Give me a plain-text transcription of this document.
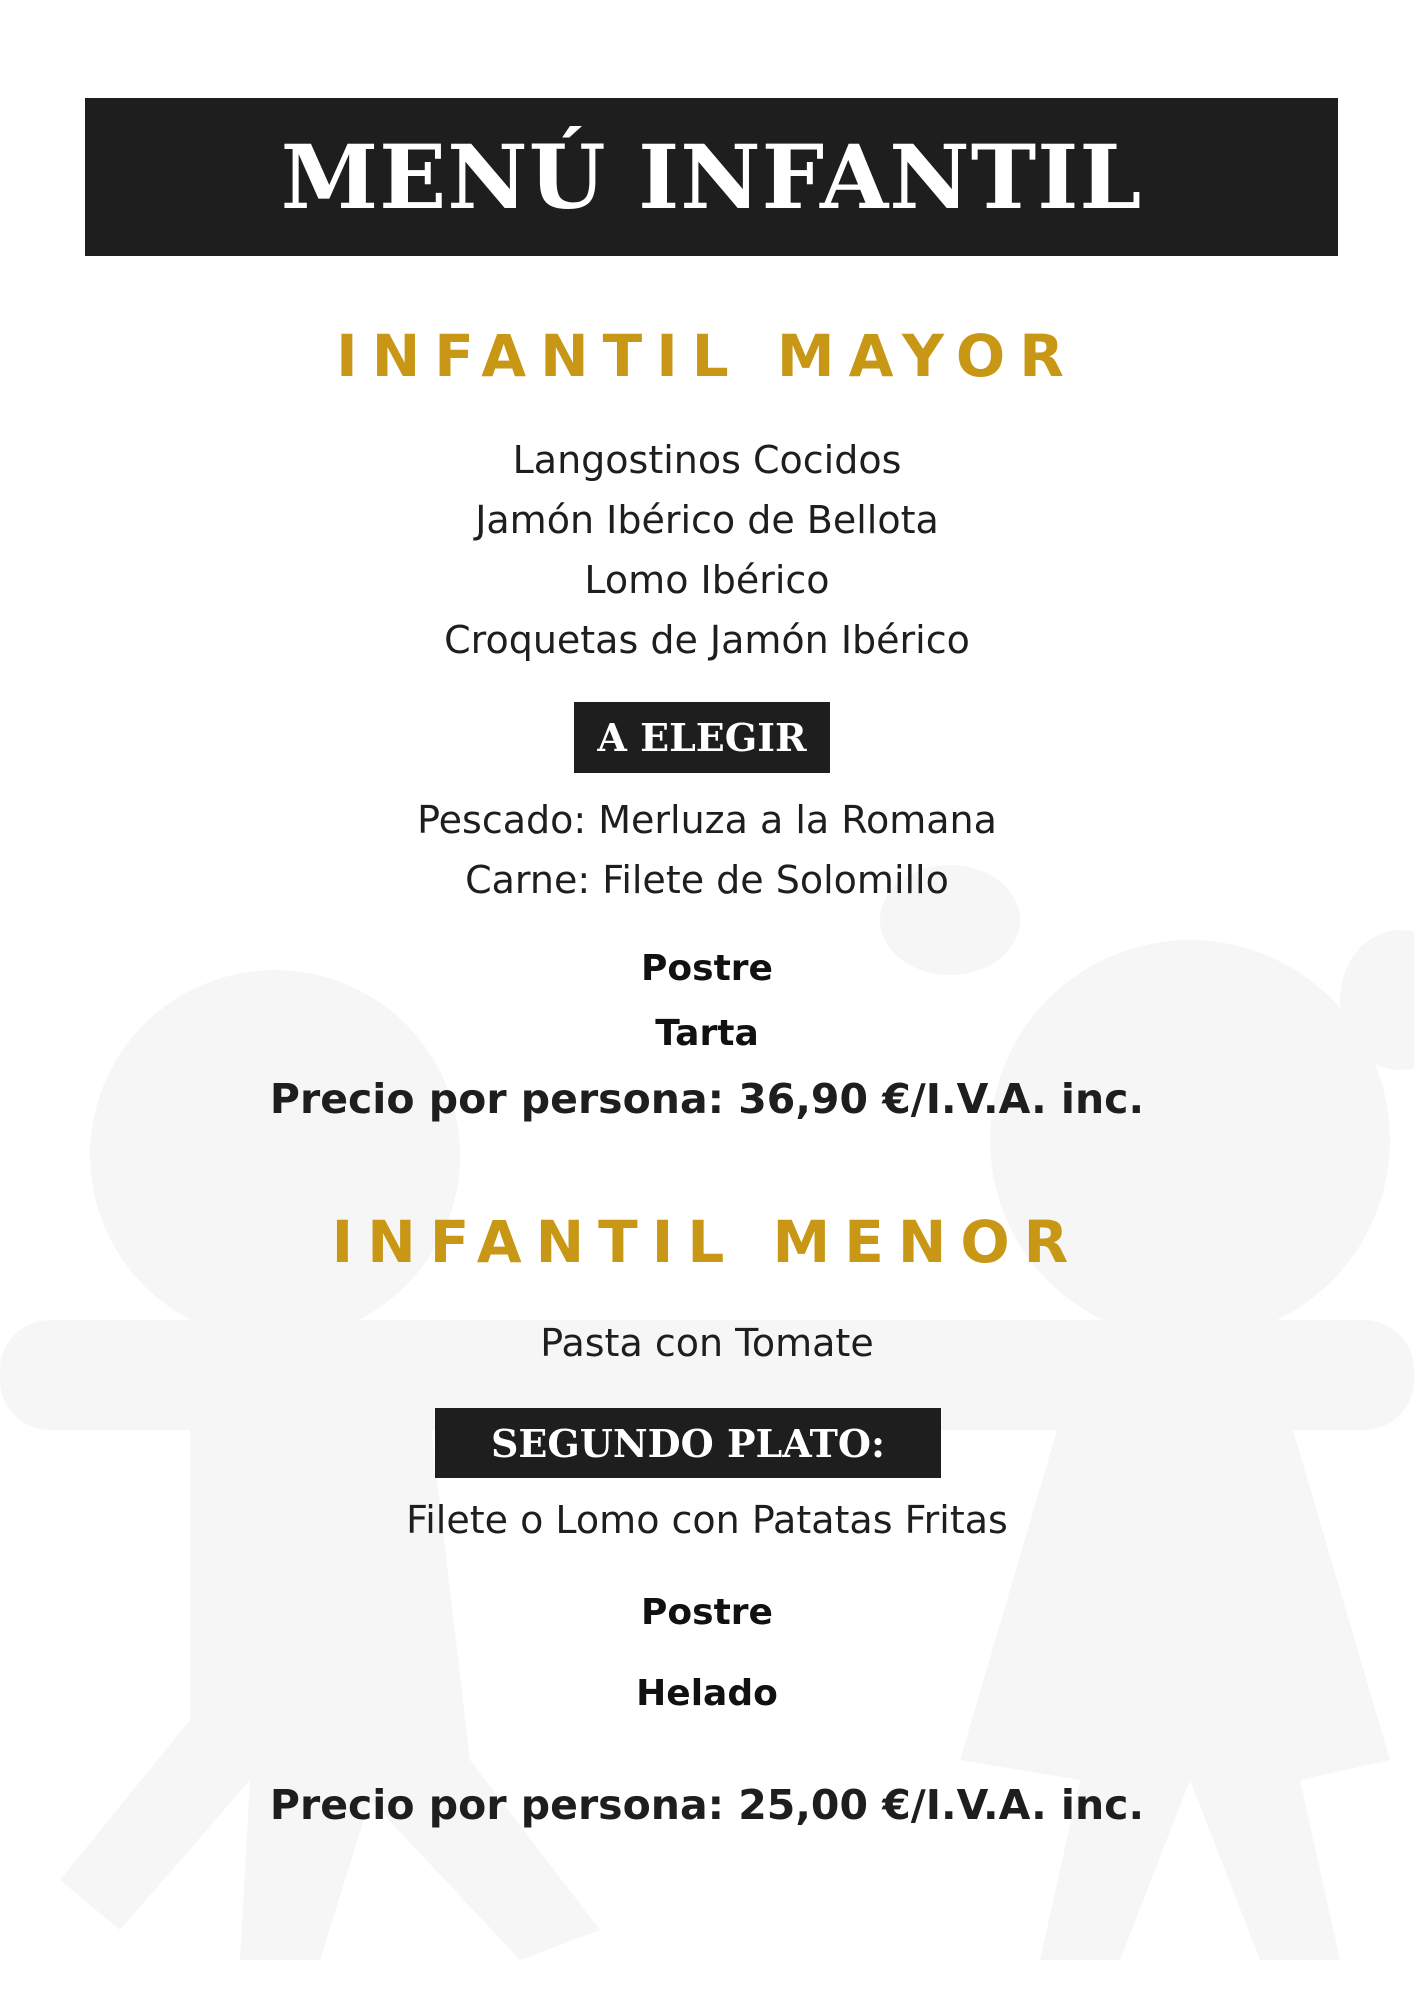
MENÚ INFANTIL
INFANTIL MAYOR
Langostinos Cocidos
Jamón Ibérico de Bellota
Lomo Ibérico
Croquetas de Jamón Ibérico
A ELEGIR
Pescado: Merluza a la Romana
Carne: Filete de Solomillo
Postre
Tarta
Precio por persona: 36,90 €/I.V.A. inc.
INFANTIL MENOR
Pasta con Tomate
SEGUNDO PLATO:
Filete o Lomo con Patatas Fritas
Postre
Helado
Precio por persona: 25,00 €/I.V.A. inc.
